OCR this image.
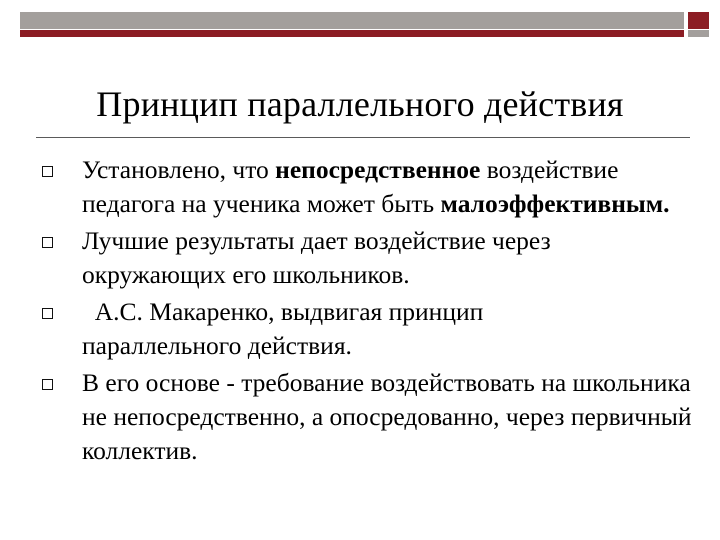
Принцип параллельного действия
Установлено, что непосредственное воздействие педагога на ученика может быть малоэффективным.
Лучшие результаты дает воздействие через окружающих его школьников.
А.С. Макаренко, выдвигая принцип параллельного действия.
В его основе - требование воздействовать на школьника не непосредственно, а опосредованно, через первичный коллектив.
